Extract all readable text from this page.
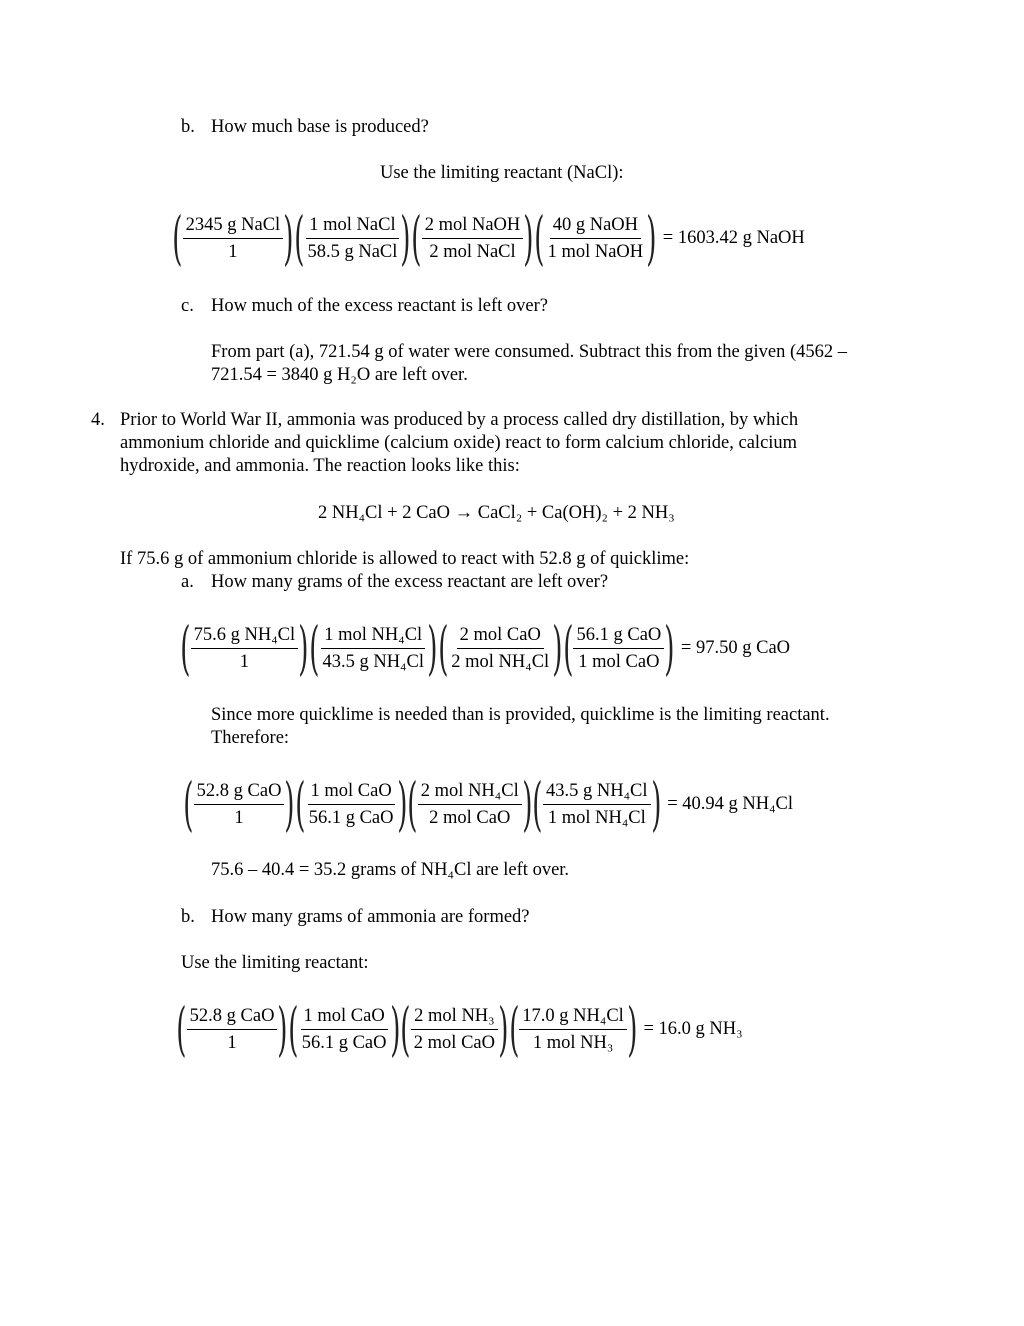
b. How much base is produced?
Use the limiting reactant (NaCl):
( $\frac{\text{2345 g NaCl}}{1}$ ) ( $\frac{\text{1 mol NaCl}}{\text{58.5 g NaCl}}$ ) ( $\frac{\text{2 mol NaOH}}{\text{2 mol NaCl}}$ ) ( $\frac{\text{40 g NaOH}}{\text{1 mol NaOH}}$ ) = 1603.42 g NaOH
c. How much of the excess reactant is left over?
From part (a), 721.54 g of water were consumed. Subtract this from the given (4562 –
721.54 = 3840 g H₂O are left over.
4. Prior to World War II, ammonia was produced by a process called dry distillation, by which
ammonium chloride and quicklime (calcium oxide) react to form calcium chloride, calcium
hydroxide, and ammonia. The reaction looks like this:
2 NH₄Cl + 2 CaO → CaCl₂ + Ca(OH)₂ + 2 NH₃
If 75.6 g of ammonium chloride is allowed to react with 52.8 g of quicklime:
a. How many grams of the excess reactant are left over?
( $\frac{\text{75.6 g NH₄Cl}}{1}$ ) ( $\frac{\text{1 mol NH₄Cl}}{\text{43.5 g NH₄Cl}}$ ) ( $\frac{\text{2 mol CaO}}{\text{2 mol NH₄Cl}}$ ) ( $\frac{\text{56.1 g CaO}}{\text{1 mol CaO}}$ ) = 97.50 g CaO
Since more quicklime is needed than is provided, quicklime is the limiting reactant.
Therefore:
( $\frac{\text{52.8 g CaO}}{1}$ ) ( $\frac{\text{1 mol CaO}}{\text{56.1 g CaO}}$ ) ( $\frac{\text{2 mol NH₄Cl}}{\text{2 mol CaO}}$ ) ( $\frac{\text{43.5 g NH₄Cl}}{\text{1 mol NH₄Cl}}$ ) = 40.94 g NH₄Cl
75.6 – 40.4 = 35.2 grams of NH₄Cl are left over.
b. How many grams of ammonia are formed?
Use the limiting reactant:
( $\frac{\text{52.8 g CaO}}{1}$ ) ( $\frac{\text{1 mol CaO}}{\text{56.1 g CaO}}$ ) ( $\frac{\text{2 mol NH₃}}{\text{2 mol CaO}}$ ) ( $\frac{\text{17.0 g NH₄Cl}}{\text{1 mol NH₃}}$ ) = 16.0 g NH₃
